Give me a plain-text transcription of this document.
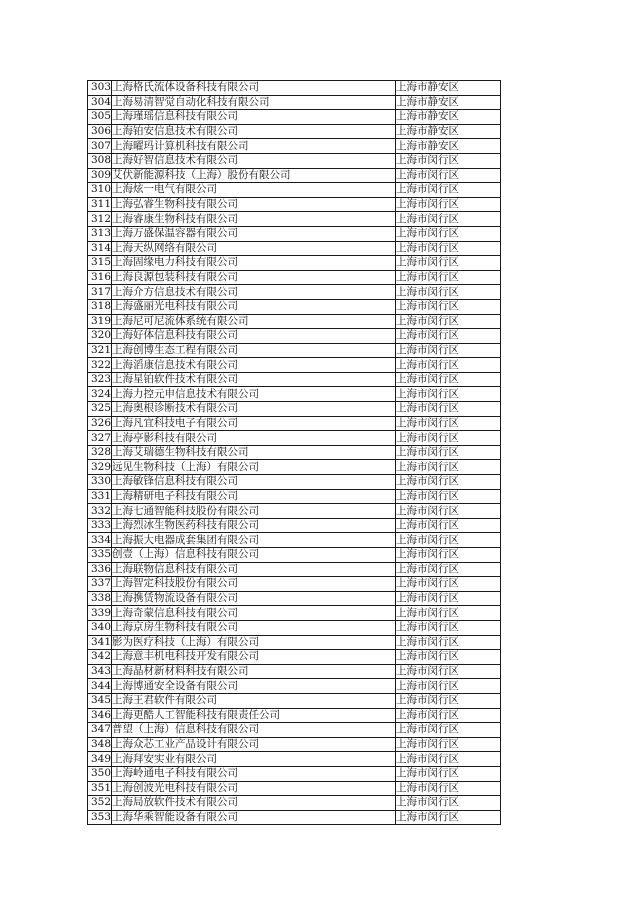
303	上海格氏流体设备科技有限公司	上海市静安区
304	上海易清智觉自动化科技有限公司	上海市静安区
305	上海瑾瑶信息科技有限公司	上海市静安区
306	上海铂安信息技术有限公司	上海市静安区
307	上海曜玛计算机科技有限公司	上海市静安区
308	上海好智信息技术有限公司	上海市闵行区
309	艾伏新能源科技（上海）股份有限公司	上海市闵行区
310	上海炫一电气有限公司	上海市闵行区
311	上海弘睿生物科技有限公司	上海市闵行区
312	上海睿康生物科技有限公司	上海市闵行区
313	上海万盛保温容器有限公司	上海市闵行区
314	上海天纵网络有限公司	上海市闵行区
315	上海固缘电力科技有限公司	上海市闵行区
316	上海良源包装科技有限公司	上海市闵行区
317	上海介方信息技术有限公司	上海市闵行区
318	上海盛丽光电科技有限公司	上海市闵行区
319	上海尼可尼流体系统有限公司	上海市闵行区
320	上海好体信息科技有限公司	上海市闵行区
321	上海创博生态工程有限公司	上海市闵行区
322	上海滔康信息技术有限公司	上海市闵行区
323	上海星铂软件技术有限公司	上海市闵行区
324	上海力控元申信息技术有限公司	上海市闵行区
325	上海奥根诊断技术有限公司	上海市闵行区
326	上海凡宜科技电子有限公司	上海市闵行区
327	上海亭影科技有限公司	上海市闵行区
328	上海艾瑞德生物科技有限公司	上海市闵行区
329	远见生物科技（上海）有限公司	上海市闵行区
330	上海敏锋信息科技有限公司	上海市闵行区
331	上海精研电子科技有限公司	上海市闵行区
332	上海七通智能科技股份有限公司	上海市闵行区
333	上海烈冰生物医药科技有限公司	上海市闵行区
334	上海振大电器成套集团有限公司	上海市闵行区
335	创壹（上海）信息科技有限公司	上海市闵行区
336	上海联物信息科技有限公司	上海市闵行区
337	上海智定科技股份有限公司	上海市闵行区
338	上海携赁物流设备有限公司	上海市闵行区
339	上海奇蒙信息科技有限公司	上海市闵行区
340	上海京房生物科技有限公司	上海市闵行区
341	影为医疗科技（上海）有限公司	上海市闵行区
342	上海意丰机电科技开发有限公司	上海市闵行区
343	上海晶材新材料科技有限公司	上海市闵行区
344	上海博通安全设备有限公司	上海市闵行区
345	上海王君软件有限公司	上海市闵行区
346	上海更酷人工智能科技有限责任公司	上海市闵行区
347	普望（上海）信息科技有限公司	上海市闵行区
348	上海众芯工业产品设计有限公司	上海市闵行区
349	上海拜安实业有限公司	上海市闵行区
350	上海岭通电子科技有限公司	上海市闵行区
351	上海创波光电科技有限公司	上海市闵行区
352	上海局放软件技术有限公司	上海市闵行区
353	上海华乘智能设备有限公司	上海市闵行区
